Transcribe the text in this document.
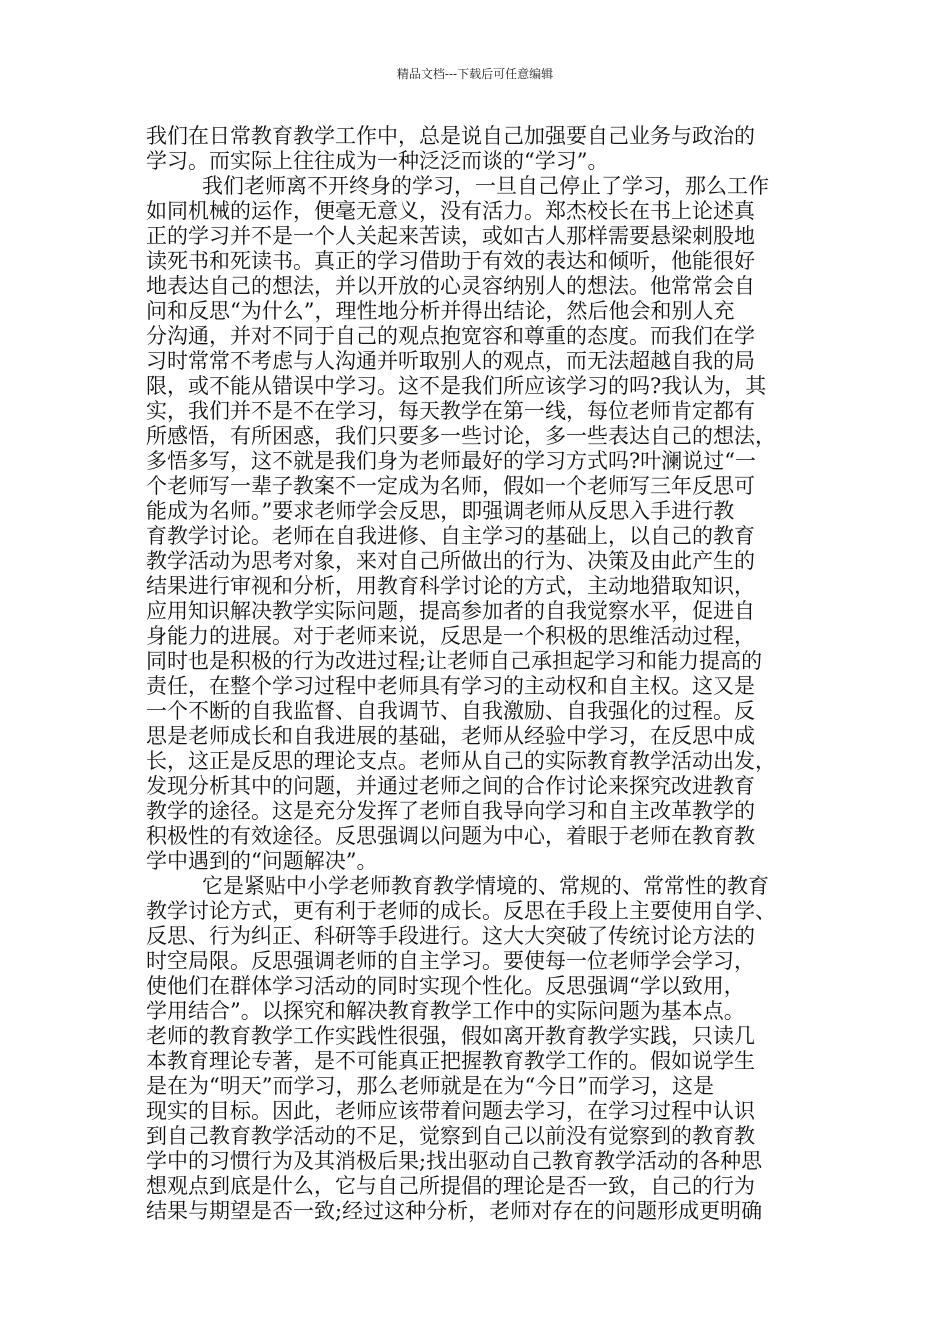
精品文档---下载后可任意编辑
我们在日常教育教学工作中，总是说自己加强要自己业务与政治的
学习。而实际上往往成为一种泛泛而谈的“学习”。
我们老师离不开终身的学习，一旦自己停止了学习，那么工作
如同机械的运作，便毫无意义，没有活力。郑杰校长在书上论述真
正的学习并不是一个人关起来苦读，或如古人那样需要悬梁刺股地
读死书和死读书。真正的学习借助于有效的表达和倾听，他能很好
地表达自己的想法，并以开放的心灵容纳别人的想法。他常常会自
问和反思“为什么”，理性地分析并得出结论，然后他会和别人充
分沟通，并对不同于自己的观点抱宽容和尊重的态度。而我们在学
习时常常不考虑与人沟通并听取别人的观点，而无法超越自我的局
限，或不能从错误中学习。这不是我们所应该学习的吗?我认为，其
实，我们并不是不在学习，每天教学在第一线，每位老师肯定都有
所感悟，有所困惑，我们只要多一些讨论，多一些表达自己的想法，
多悟多写，这不就是我们身为老师最好的学习方式吗?叶澜说过“一
个老师写一辈子教案不一定成为名师，假如一个老师写三年反思可
能成为名师。”要求老师学会反思，即强调老师从反思入手进行教
育教学讨论。老师在自我进修、自主学习的基础上，以自己的教育
教学活动为思考对象，来对自己所做出的行为、决策及由此产生的
结果进行审视和分析，用教育科学讨论的方式，主动地猎取知识，
应用知识解决教学实际问题，提高参加者的自我觉察水平，促进自
身能力的进展。对于老师来说，反思是一个积极的思维活动过程，
同时也是积极的行为改进过程;让老师自己承担起学习和能力提高的
责任，在整个学习过程中老师具有学习的主动权和自主权。这又是
一个不断的自我监督、自我调节、自我激励、自我强化的过程。反
思是老师成长和自我进展的基础，老师从经验中学习，在反思中成
长，这正是反思的理论支点。老师从自己的实际教育教学活动出发，
发现分析其中的问题，并通过老师之间的合作讨论来探究改进教育
教学的途径。这是充分发挥了老师自我导向学习和自主改革教学的
积极性的有效途径。反思强调以问题为中心，着眼于老师在教育教
学中遇到的“问题解决”。
它是紧贴中小学老师教育教学情境的、常规的、常常性的教育
教学讨论方式，更有利于老师的成长。反思在手段上主要使用自学、
反思、行为纠正、科研等手段进行。这大大突破了传统讨论方法的
时空局限。反思强调老师的自主学习。要使每一位老师学会学习，
使他们在群体学习活动的同时实现个性化。反思强调“学以致用，
学用结合”。以探究和解决教育教学工作中的实际问题为基本点。
老师的教育教学工作实践性很强，假如离开教育教学实践，只读几
本教育理论专著，是不可能真正把握教育教学工作的。假如说学生
是在为“明天”而学习，那么老师就是在为“今日”而学习，这是
现实的目标。因此，老师应该带着问题去学习，在学习过程中认识
到自己教育教学活动的不足，觉察到自己以前没有觉察到的教育教
学中的习惯行为及其消极后果;找出驱动自己教育教学活动的各种思
想观点到底是什么，它与自己所提倡的理论是否一致，自己的行为
结果与期望是否一致;经过这种分析，老师对存在的问题形成更明确
